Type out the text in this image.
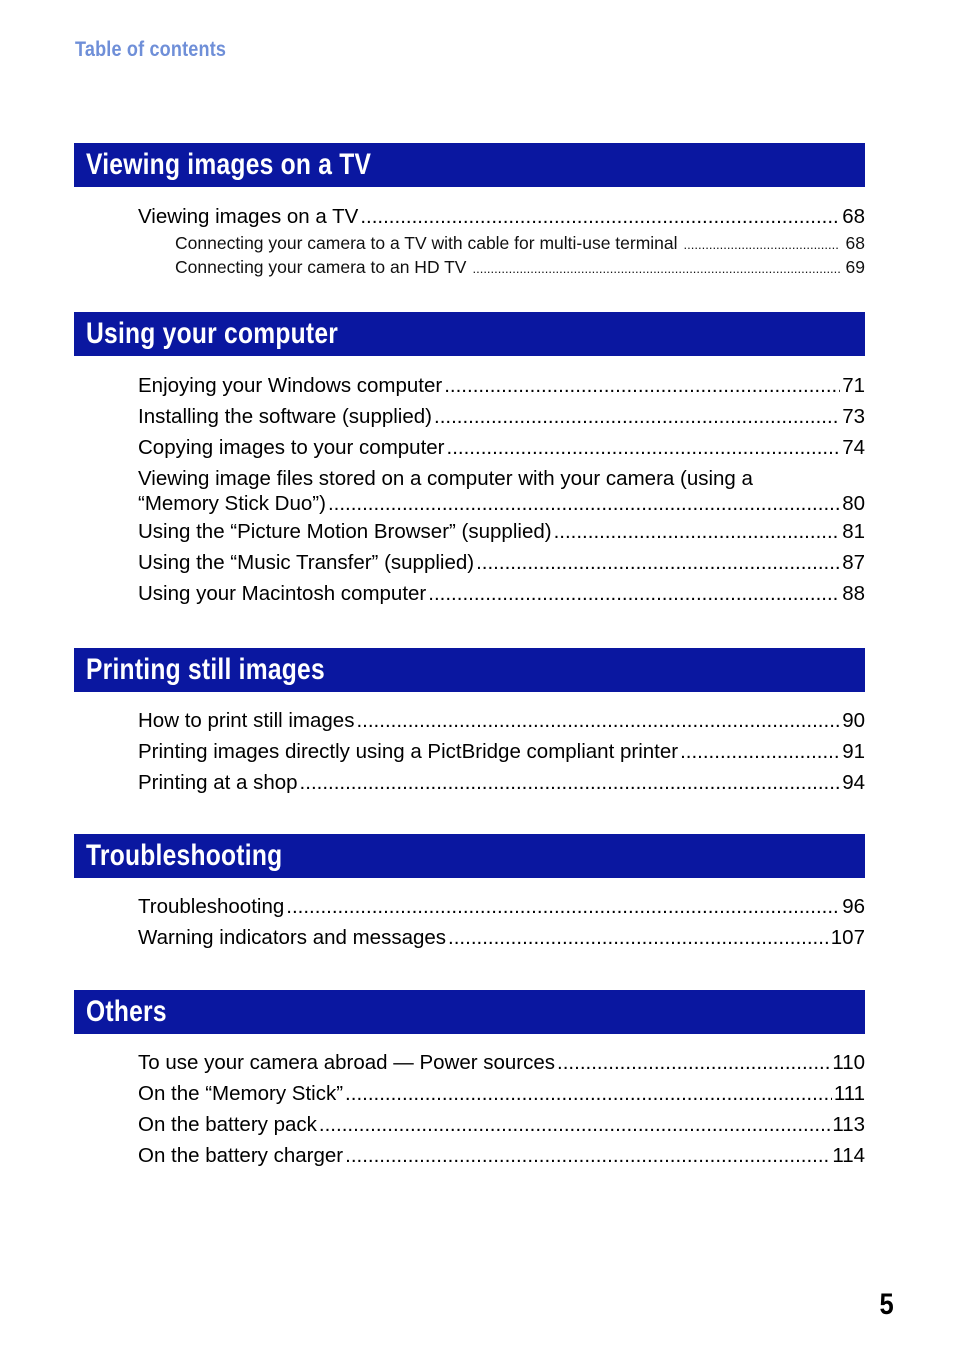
Table of contents
Viewing images on a TV
Viewing images on a TV .....	68
Connecting your camera to a TV with cable for multi-use terminal .....	68
Connecting your camera to an HD TV .....	69
Using your computer
Enjoying your Windows computer .....	71
Installing the software (supplied) .....	73
Copying images to your computer .....	74
Viewing image files stored on a computer with your camera (using a
“Memory Stick Duo”) .....	80
Using the “Picture Motion Browser” (supplied) .....	81
Using the “Music Transfer” (supplied) .....	87
Using your Macintosh computer .....	88
Printing still images
How to print still images .....	90
Printing images directly using a PictBridge compliant printer .....	91
Printing at a shop .....	94
Troubleshooting
Troubleshooting .....	96
Warning indicators and messages .....	107
Others
To use your camera abroad — Power sources .....	110
On the “Memory Stick” .....	111
On the battery pack .....	113
On the battery charger .....	114
5
